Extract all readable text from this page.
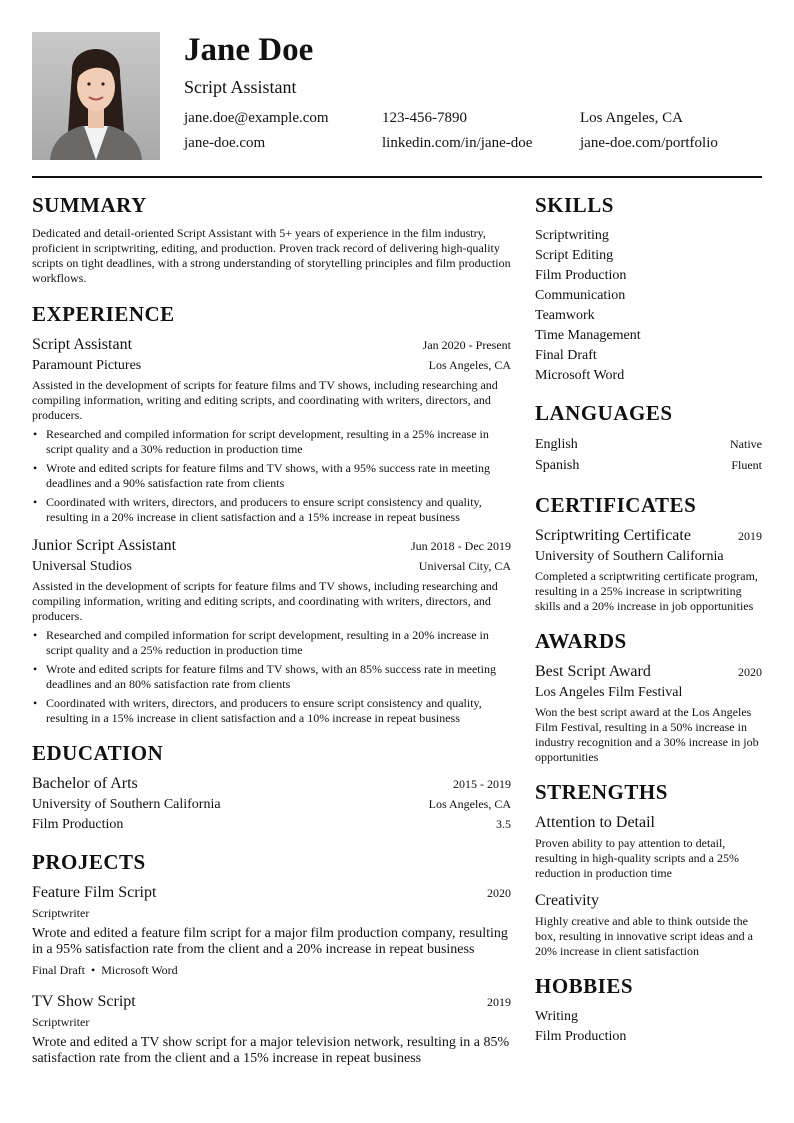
Jane Doe
Script Assistant
jane.doe@example.com	123-456-7890	Los Angeles, CA
jane-doe.com	linkedin.com/in/jane-doe	jane-doe.com/portfolio
SUMMARY
Dedicated and detail-oriented Script Assistant with 5+ years of experience in the film industry, proficient in scriptwriting, editing, and production. Proven track record of delivering high-quality scripts on tight deadlines, with a strong understanding of storytelling principles and film production workflows.
EXPERIENCE
Script Assistant	Jan 2020 - Present
Paramount Pictures	Los Angeles, CA
Assisted in the development of scripts for feature films and TV shows, including researching and compiling information, writing and editing scripts, and coordinating with writers, directors, and producers.
• Researched and compiled information for script development, resulting in a 25% increase in script quality and a 30% reduction in production time
• Wrote and edited scripts for feature films and TV shows, with a 95% success rate in meeting deadlines and a 90% satisfaction rate from clients
• Coordinated with writers, directors, and producers to ensure script consistency and quality, resulting in a 20% increase in client satisfaction and a 15% increase in repeat business
Junior Script Assistant	Jun 2018 - Dec 2019
Universal Studios	Universal City, CA
Assisted in the development of scripts for feature films and TV shows, including researching and compiling information, writing and editing scripts, and coordinating with writers, directors, and producers.
• Researched and compiled information for script development, resulting in a 20% increase in script quality and a 25% reduction in production time
• Wrote and edited scripts for feature films and TV shows, with an 85% success rate in meeting deadlines and an 80% satisfaction rate from clients
• Coordinated with writers, directors, and producers to ensure script consistency and quality, resulting in a 15% increase in client satisfaction and a 10% increase in repeat business
EDUCATION
Bachelor of Arts	2015 - 2019
University of Southern California	Los Angeles, CA
Film Production	3.5
PROJECTS
Feature Film Script	2020
Scriptwriter
Wrote and edited a feature film script for a major film production company, resulting in a 95% satisfaction rate from the client and a 20% increase in repeat business
Final Draft • Microsoft Word
TV Show Script	2019
Scriptwriter
Wrote and edited a TV show script for a major television network, resulting in a 85% satisfaction rate from the client and a 15% increase in repeat business
SKILLS
Scriptwriting
Script Editing
Film Production
Communication
Teamwork
Time Management
Final Draft
Microsoft Word
LANGUAGES
English	Native
Spanish	Fluent
CERTIFICATES
Scriptwriting Certificate	2019
University of Southern California
Completed a scriptwriting certificate program, resulting in a 25% increase in scriptwriting skills and a 20% increase in job opportunities
AWARDS
Best Script Award	2020
Los Angeles Film Festival
Won the best script award at the Los Angeles Film Festival, resulting in a 50% increase in industry recognition and a 30% increase in job opportunities
STRENGTHS
Attention to Detail
Proven ability to pay attention to detail, resulting in high-quality scripts and a 25% reduction in production time
Creativity
Highly creative and able to think outside the box, resulting in innovative script ideas and a 20% increase in client satisfaction
HOBBIES
Writing
Film Production
